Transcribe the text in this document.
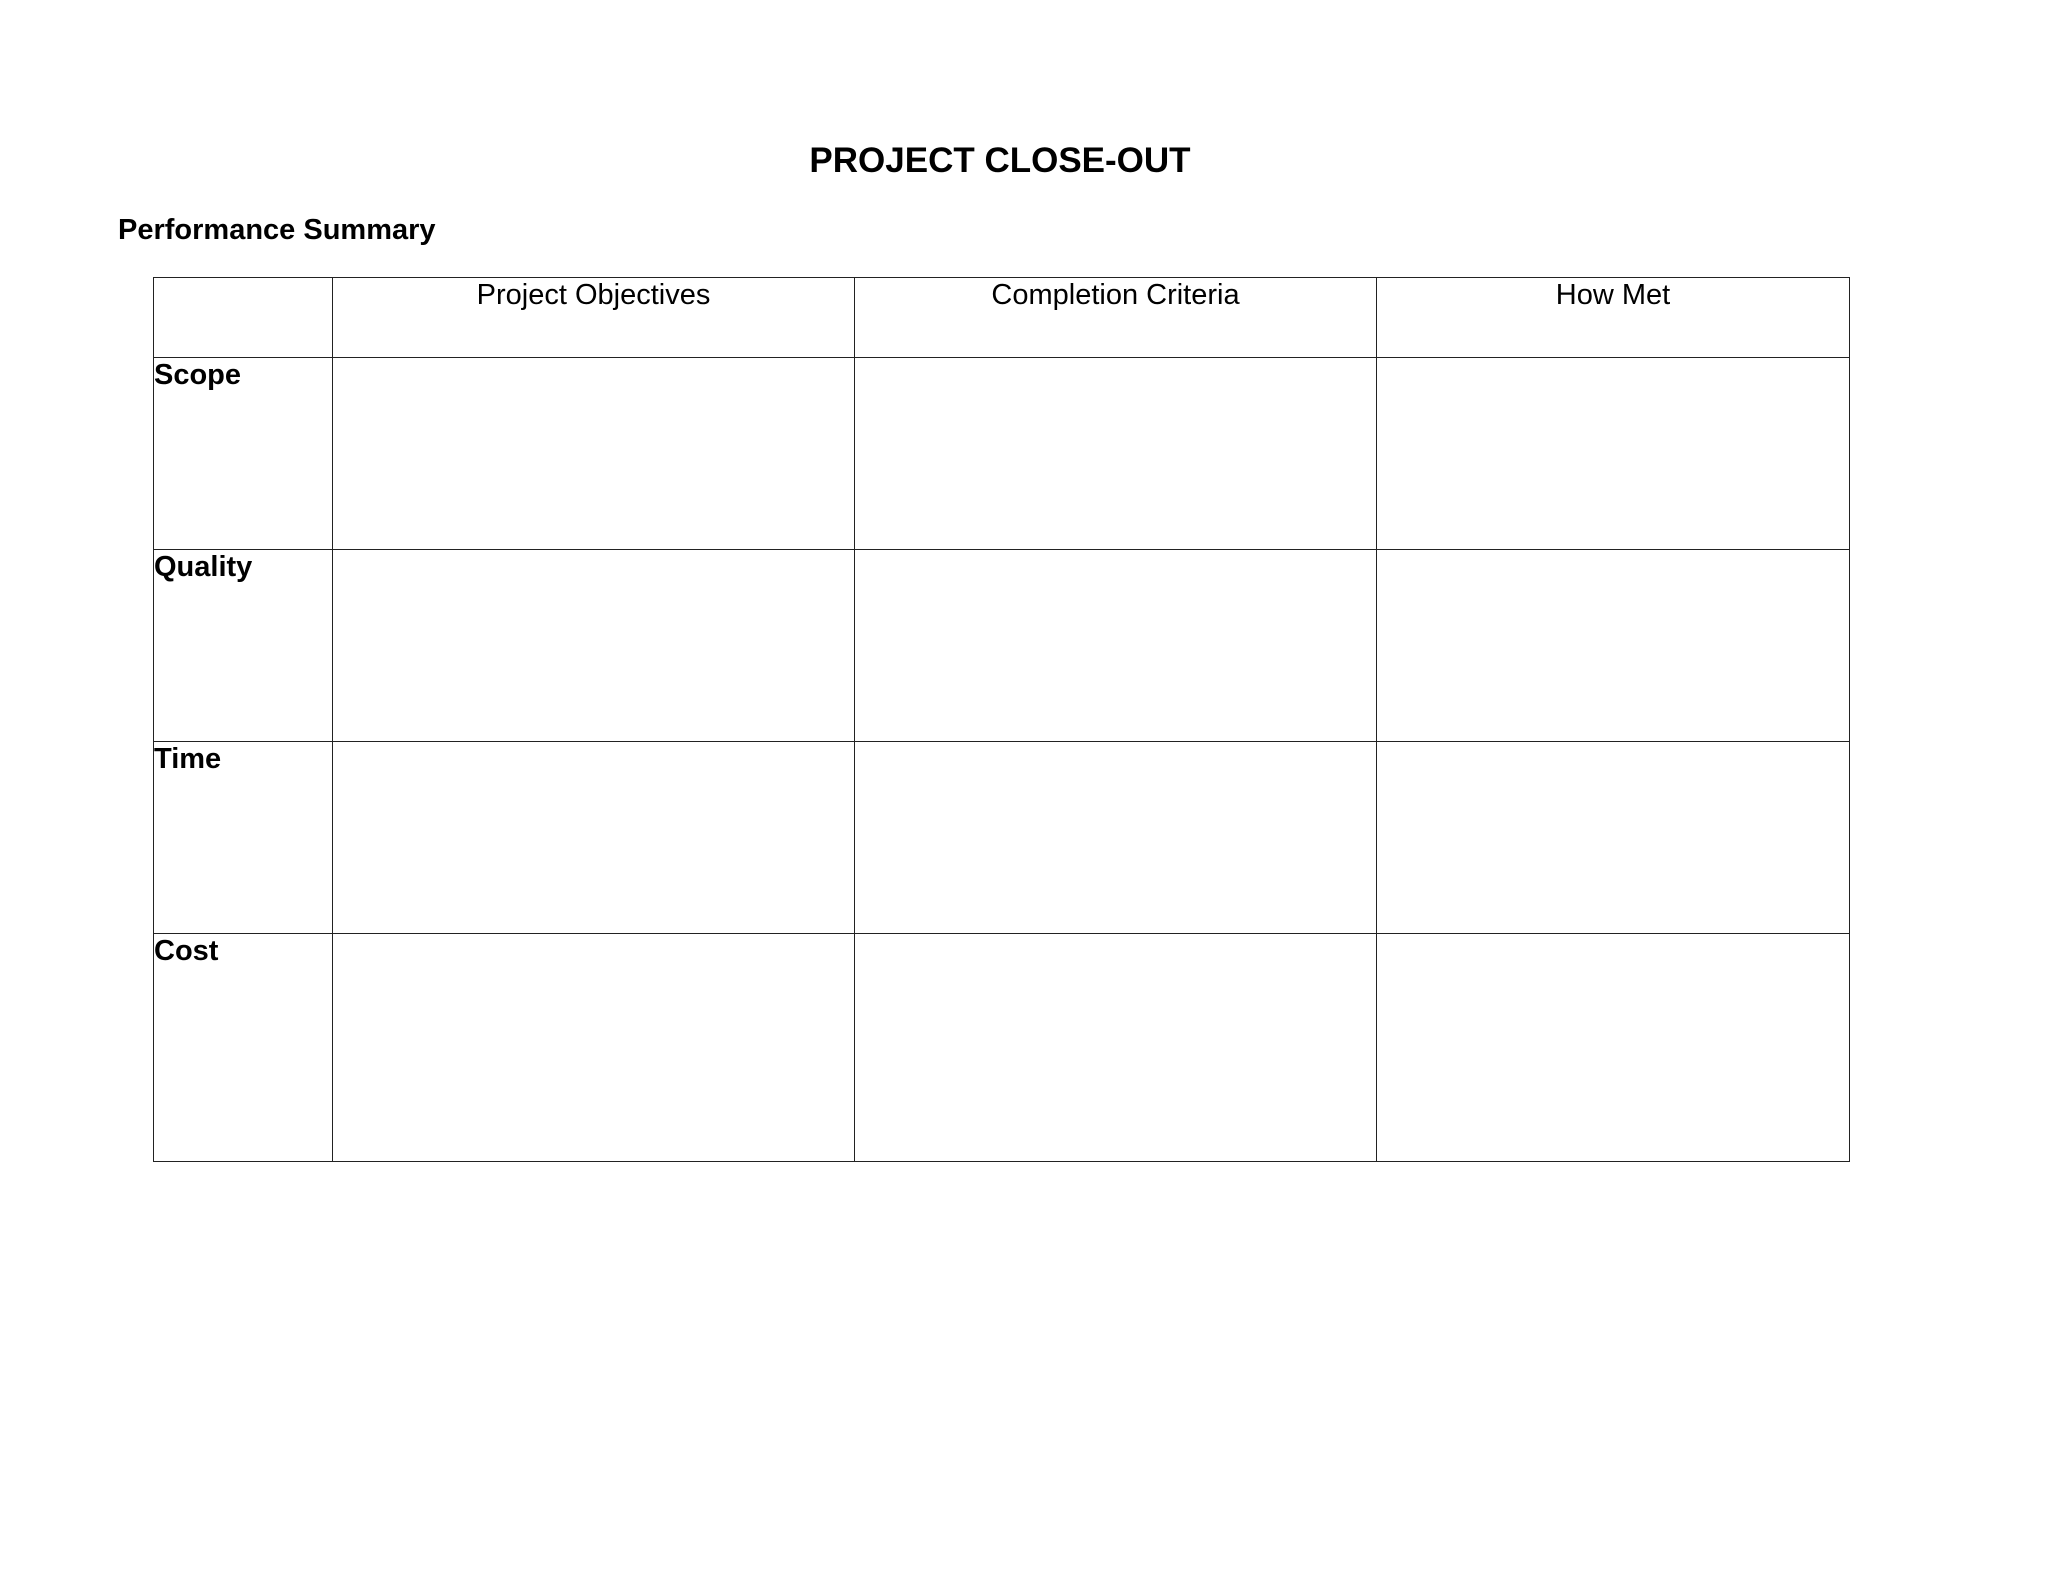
PROJECT CLOSE-OUT
Performance Summary
	Project Objectives	Completion Criteria	How Met
Scope			
Quality			
Time			
Cost			
